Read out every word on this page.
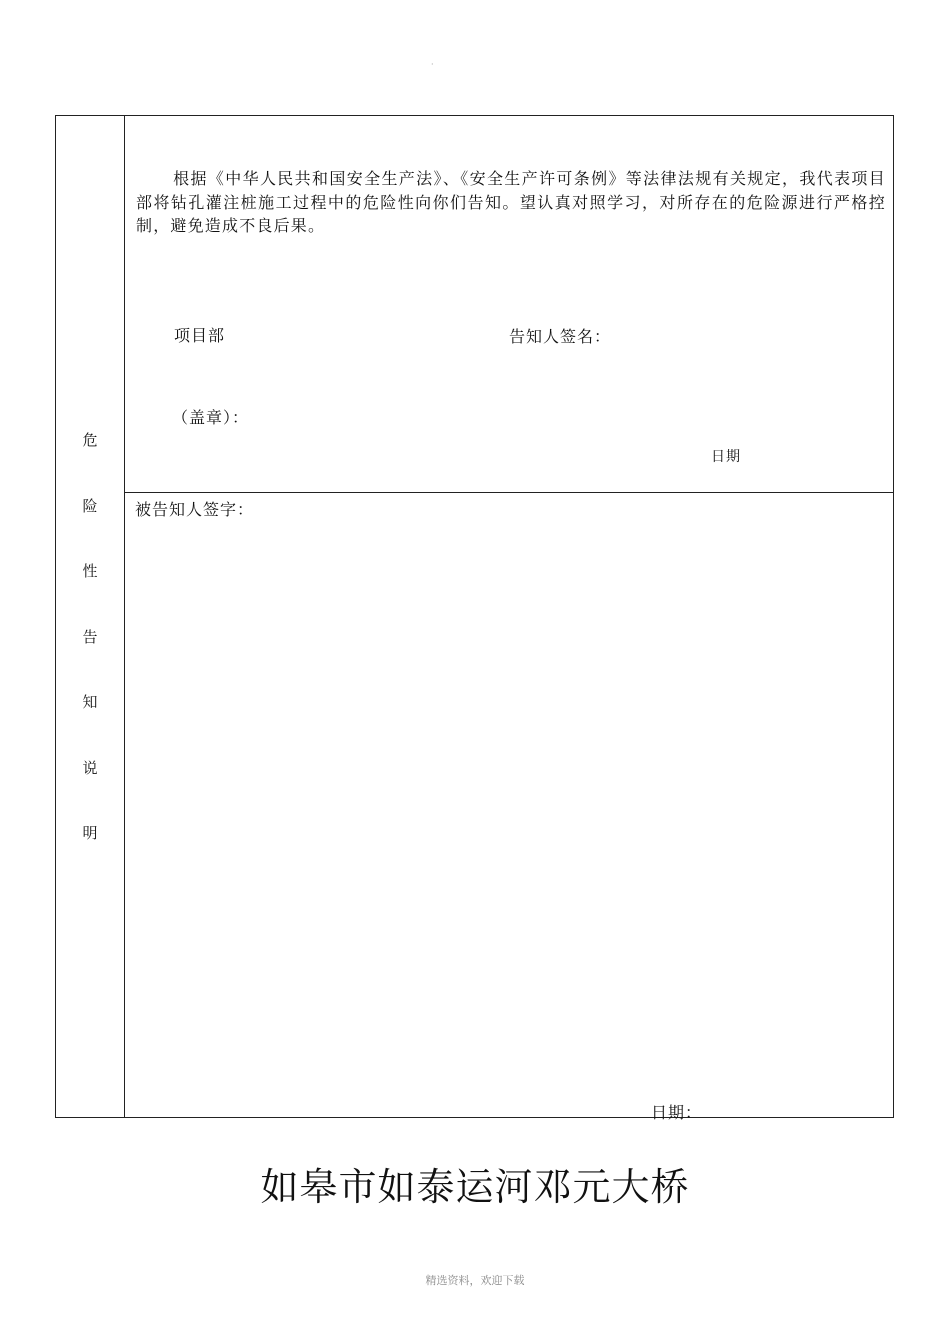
·
危
险
性
告
知
说
明
根据《中华人民共和国安全生产法》、《安全生产许可条例》等法律法规有关规定，我代表项目部将钻孔灌注桩施工过程中的危险性向你们告知。望认真对照学习，对所存在的危险源进行严格控制，避免造成不良后果。
项目部	告知人签名：
（盖章）：
日期
被告知人签字：
日期：
如皋市如泰运河邓元大桥
精选资料，欢迎下载
